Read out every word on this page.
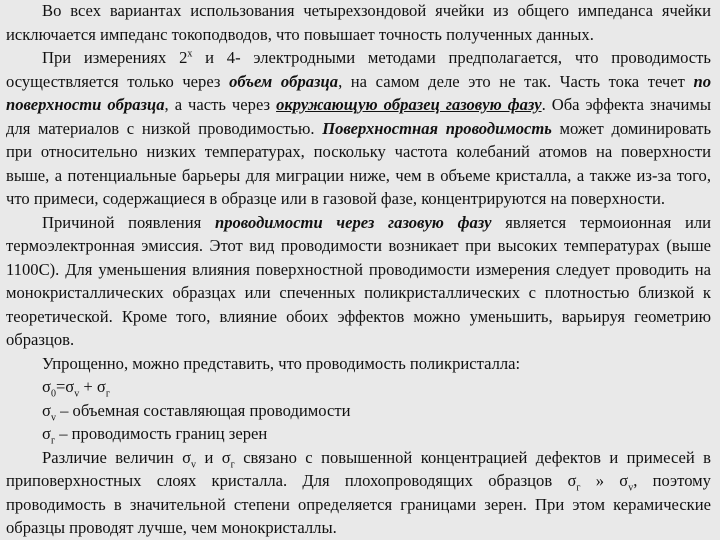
Во всех вариантах использования четырехзондовой ячейки из общего импеданса ячейки исключается импеданс токоподводов, что повышает точность полученных данных.

При измерениях $2^х$ и 4- электродными методами предполагается, что проводимость осуществляется только через объем образца, на самом деле это не так. Часть тока течет по поверхности образца, а часть через окружающую образец газовую фазу. Оба эффекта значимы для материалов с низкой проводимостью. Поверхностная проводимость может доминировать при относительно низких температурах, поскольку частота колебаний атомов на поверхности выше, а потенциальные барьеры для миграции ниже, чем в объеме кристалла, а также из-за того, что примеси, содержащиеся в образце или в газовой фазе, концентрируются на поверхности.

Причиной появления проводимости через газовую фазу является термоионная или термоэлектронная эмиссия. Этот вид проводимости возникает при высоких температурах (выше 1100С). Для уменьшения влияния поверхностной проводимости измерения следует проводить на монокристаллических образцах или спеченных поликристаллических с плотностью близкой к теоретической. Кроме того, влияние обоих эффектов можно уменьшить, варьируя геометрию образцов.

Упрощенно, можно представить, что проводимость поликристалла:

$\sigma_0=\sigma_v + \sigma_г$

$\sigma_v$ – объемная составляющая проводимости

$\sigma_г$ – проводимость границ зерен

Различие величин $\sigma_v$ и $\sigma_г$ связано с повышенной концентрацией дефектов и примесей в приповерхностных слоях кристалла. Для плохопроводящих образцов $\sigma_г$ » $\sigma_v$, поэтому проводимость в значительной степени определяется границами зерен. При этом керамические образцы проводят лучше, чем монокристаллы.
